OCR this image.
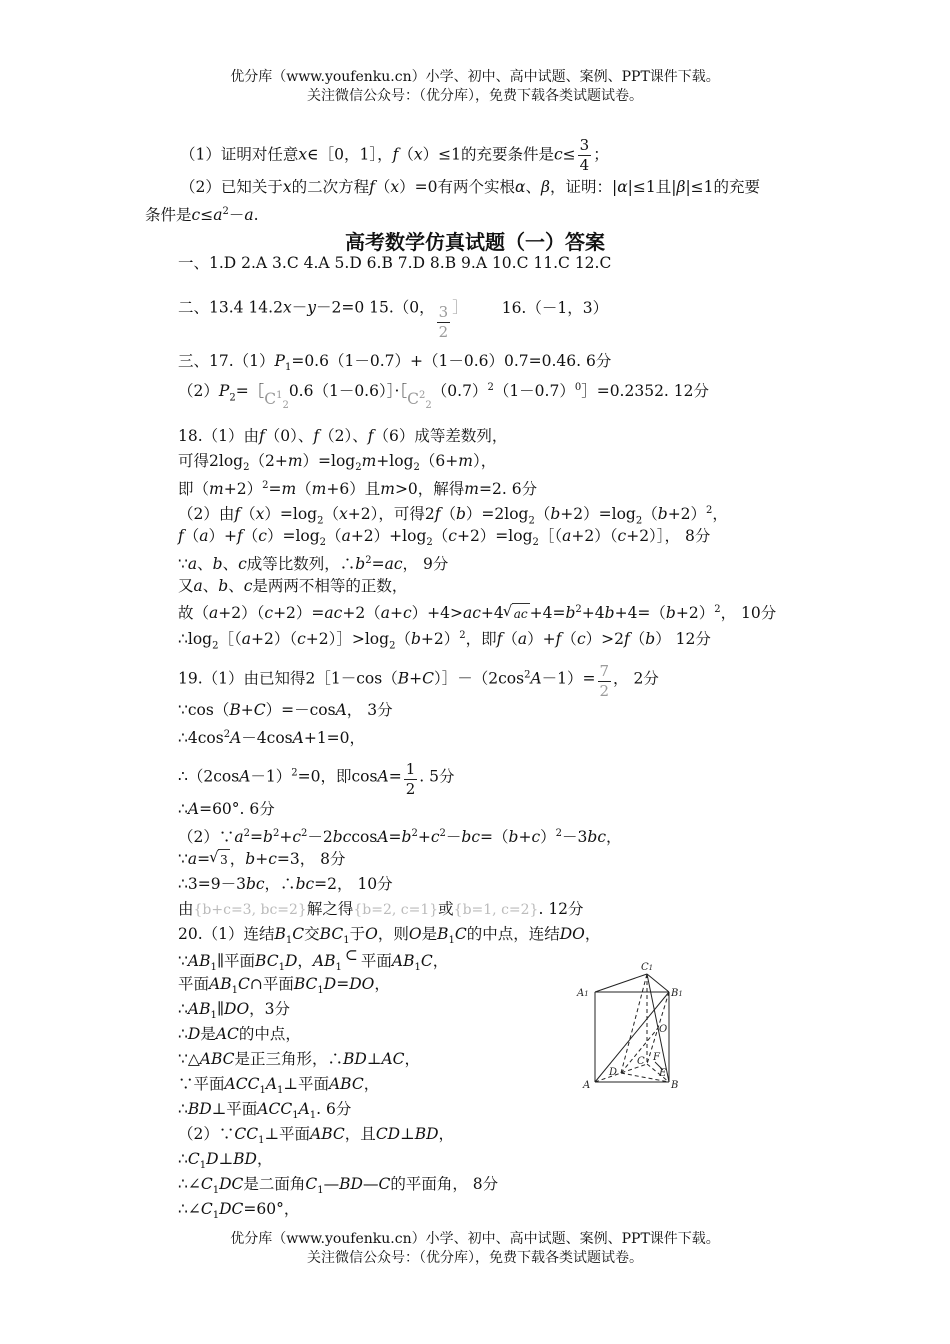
优分库（www.youfenku.cn）小学、初中、高中试题、案例、PPT课件下载。
关注微信公众号：（优分库），免费下载各类试题试卷。
（1）证明对任意x∈［0，1］，f（x）≤1的充要条件是$c\le \frac{3}{4}$ ；
（2）已知关于x的二次方程f（x）=0有两个实根α、β，证明：|α|≤1且|β|≤1的充要
条件是$c\le a^2-a$.
高考数学仿真试题（一）答案
一、1.D 2.A 3.C 4.A 5.D 6.B 7.D 8.B 9.A 10.C 11.C 12.C
二、13.4 14.2x－y－2=0 15.（0， $\frac{3}{2}$ ］ 16.（－1，3）
三、$17.(1)P_1=0.6(1-0.7)+(1-0.6)0.7=0.46$. 6分
$(2)P_2=[C^1_20.6(1-0.6)]\cdot[C^2_2(0.7)^2(1-0.7)^0]=0.2352$. 12分
18.（1）由f（0）、f（2）、f（6）成等差数列，
可得$2\log_2(2+m)=\log_2m+\log_2(6+m)$，
即$(m+2)^2=m(m+6)$且m>0，解得m=2. 6分
（2）由$f(x)=\log_2(x+2)$，可得$2f(b)=2\log_2(b+2)=\log_2(b+2)^2$，
$f(a)+f(c)=\log_2(a+2)+\log_2(c+2)=\log_2[(a+2)(c+2)]$， 8分
∵a、b、c成等比数列，$\therefore b^2=ac$， 9分
又a、b、c是两两不相等的正数，
故（a+2）（c+2）=ac+2（a+c）+4>ac+4 √ ac $+4=b^2+4b+4=(b+2)^2$， 10分
$\therefore\log_2[(a+2)(c+2)]>\log_2(b+2)^2$，即f（a）+f（c）>2f（b） 12分
19.（1）由已知得$2[1-\cos(B+C)]-(2\cos^2A-1)= \frac{7}{2}$ ， 2分
∵cos（B+C）=－cosA， 3分
$\therefore 4\cos^2A-4\cos A+1=0$，
$\therefore(2\cos A-1)^2=0$，即$\cos A= \frac{1}{2}$ . 5分
∴A=60°. 6分
$(2)\because a^2=b^2+c^2-2bccosA=b^2+c^2-bc=(b+c)^2-3bc$，
∵a= √ 3 ，b+c=3， 8分
∴3=9－3bc，∴bc=2， 10分
由{b+c=3, bc=2}解之得{b=2, c=1}或{b=1, c=2}. 12分
20.（1）连结$B_1C$交$BC_1$于O，则O是$B_1C$的中点，连结DO，
$\because AB_1\parallel$平面$BC_1D$，$AB_1\subset$ 平面$AB_1C$，
平面$AB_1C\cap$平面$BC_1D=DO$，
$\therefore AB_1\parallel DO$，3分
∴D是AC的中点，
∵△ABC是正三角形，∴BD⊥AC，
∵平面$ACC_1A_1\perp$平面ABC，
∴BD⊥平面$ACC_1A_1$. 6分
$(2)\because CC_1\perp$平面ABC，且CD⊥BD，
$\therefore C_1D\perp BD$，
$\therefore\angle C_1DC$是二面角$C_1—BD—C$的平面角， 8分
$\therefore\angle C_1DC=60^\circ$，
C1
A1	B1
O
F
C
D	E
A	B
优分库（www.youfenku.cn）小学、初中、高中试题、案例、PPT课件下载。
关注微信公众号：（优分库），免费下载各类试题试卷。
